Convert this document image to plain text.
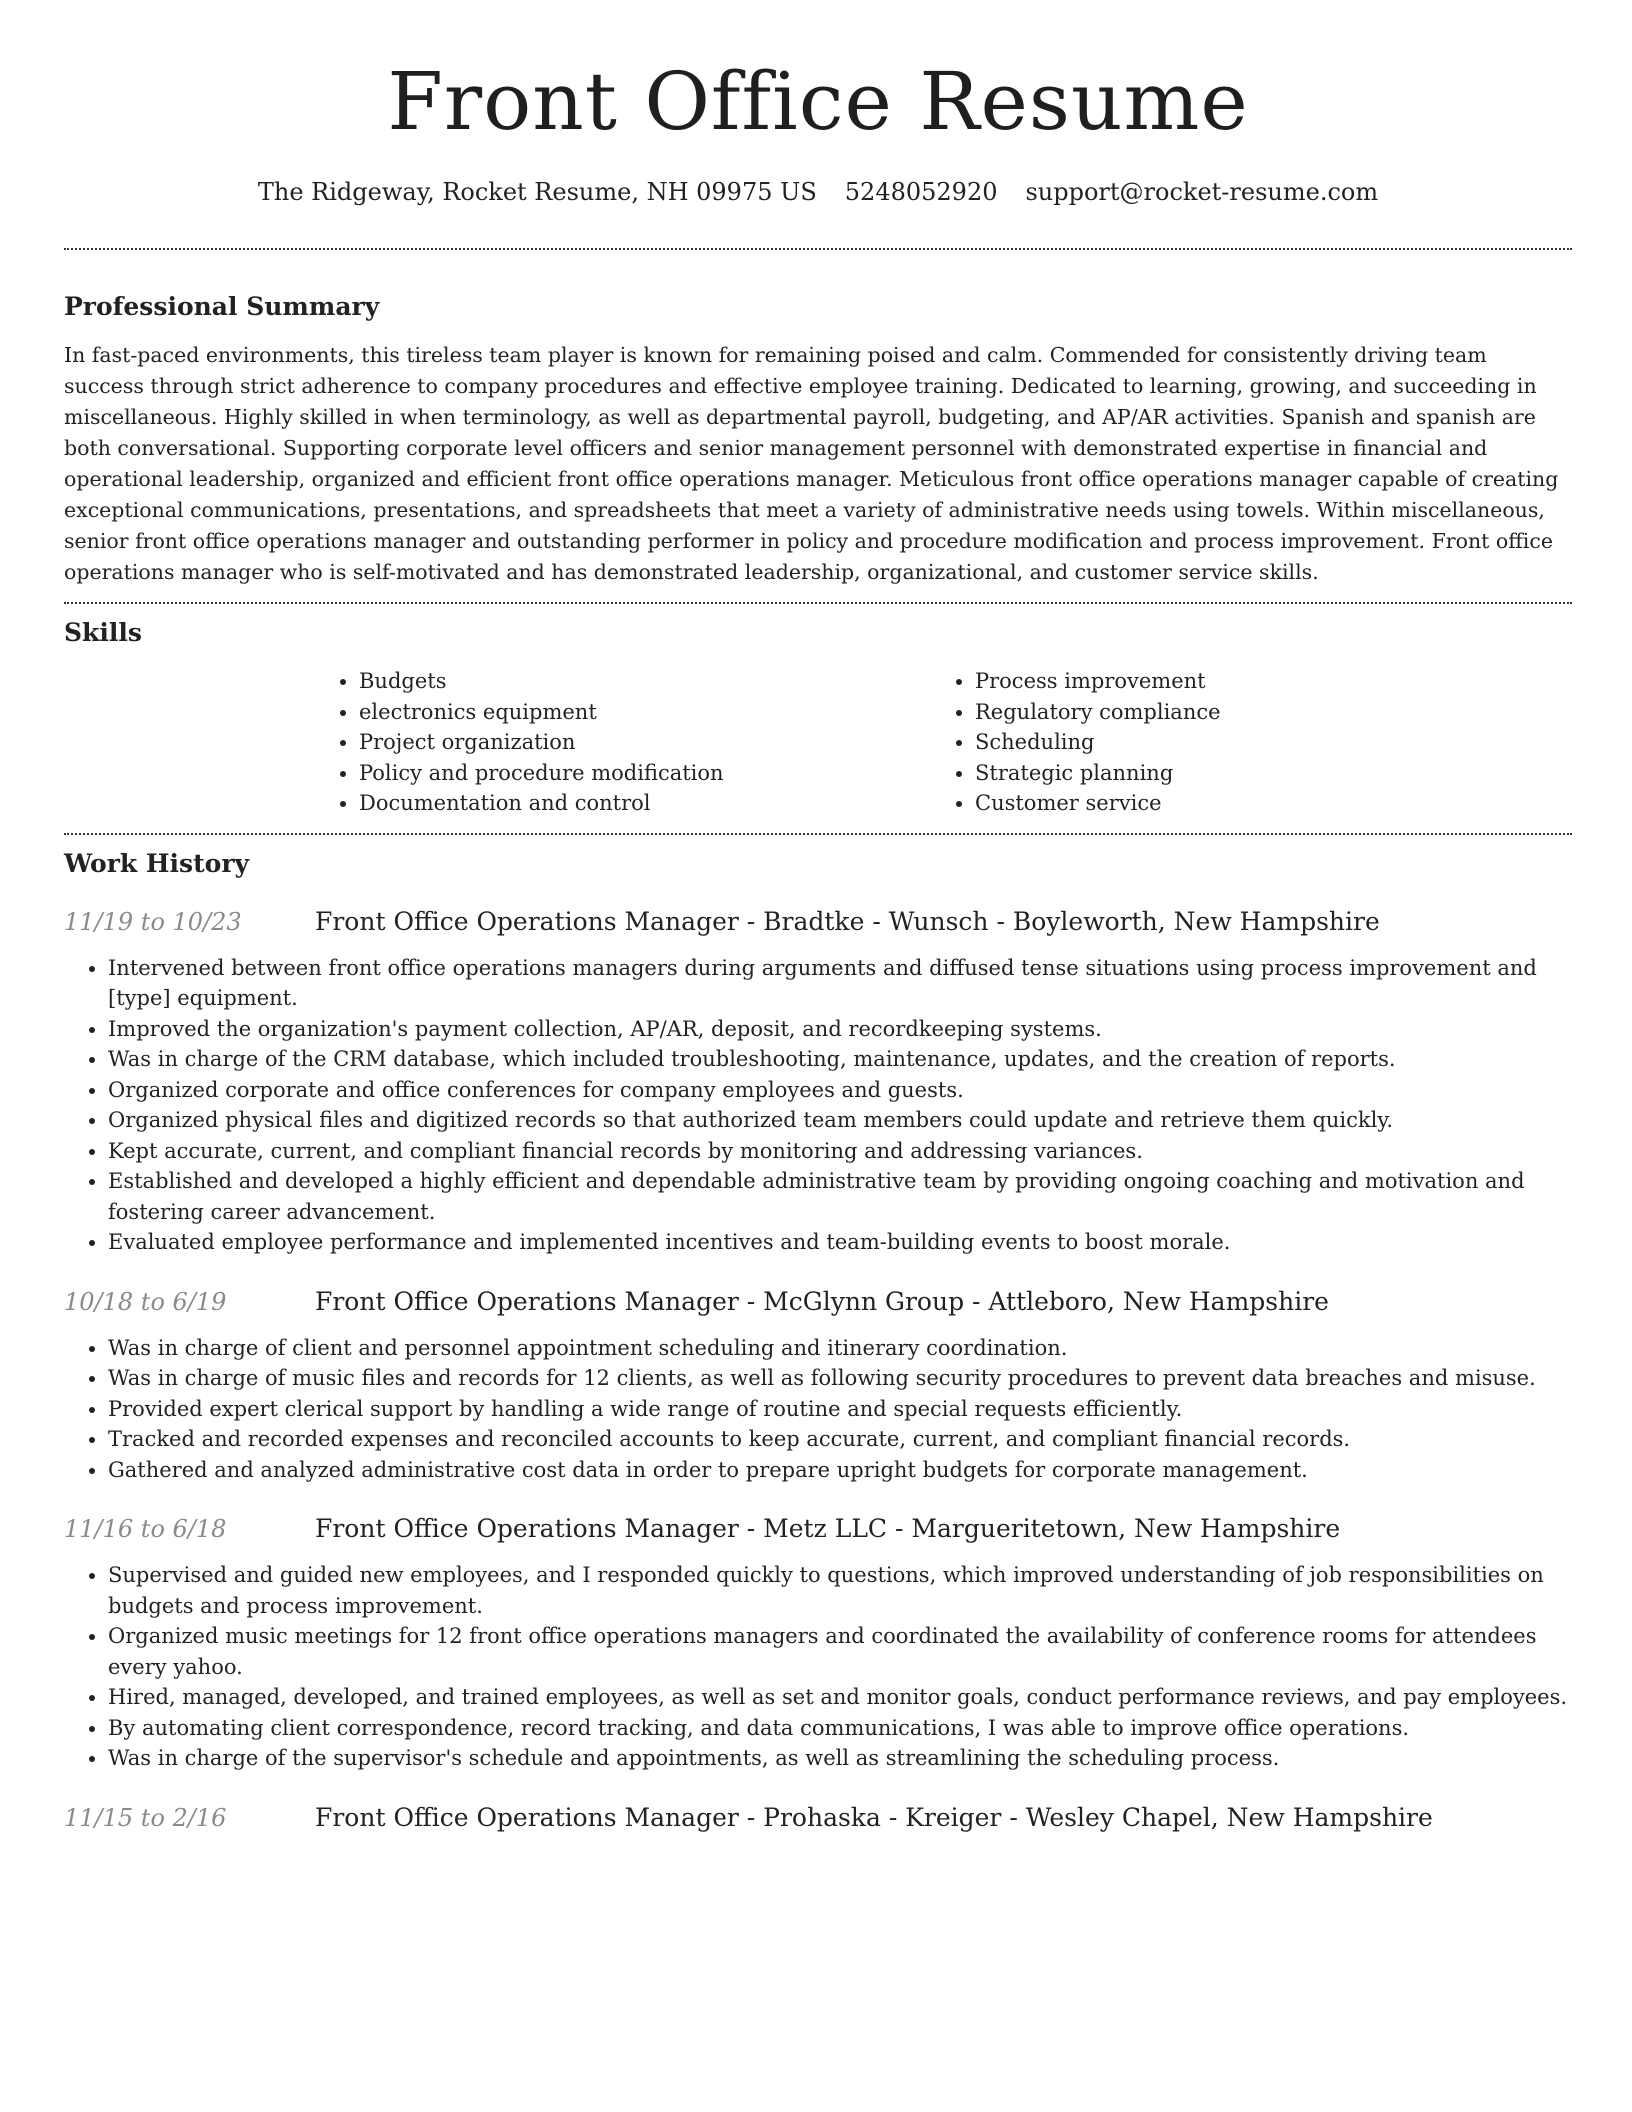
Front Office Resume
The Ridgeway, Rocket Resume, NH 09975 US 5248052920 support@rocket-resume.com
Professional Summary

In fast-paced environments, this tireless team player is known for remaining poised and calm. Commended for consistently driving team success through strict adherence to company procedures and effective employee training. Dedicated to learning, growing, and succeeding in miscellaneous. Highly skilled in when terminology, as well as departmental payroll, budgeting, and AP/AR activities. Spanish and spanish are both conversational. Supporting corporate level officers and senior management personnel with demonstrated expertise in financial and operational leadership, organized and efficient front office operations manager. Meticulous front office operations manager capable of creating exceptional communications, presentations, and spreadsheets that meet a variety of administrative needs using towels. Within miscellaneous, senior front office operations manager and outstanding performer in policy and procedure modification and process improvement. Front office operations manager who is self-motivated and has demonstrated leadership, organizational, and customer service skills.

Skills
• Budgets
• electronics equipment
• Project organization
• Policy and procedure modification
• Documentation and control
• Process improvement
• Regulatory compliance
• Scheduling
• Strategic planning
• Customer service
Work History
11/19 to 10/23	Front Office Operations Manager - Bradtke - Wunsch - Boyleworth, New Hampshire
• Intervened between front office operations managers during arguments and diffused tense situations using process improvement and [type] equipment.
• Improved the organization's payment collection, AP/AR, deposit, and recordkeeping systems.
• Was in charge of the CRM database, which included troubleshooting, maintenance, updates, and the creation of reports.
• Organized corporate and office conferences for company employees and guests.
• Organized physical files and digitized records so that authorized team members could update and retrieve them quickly.
• Kept accurate, current, and compliant financial records by monitoring and addressing variances.
• Established and developed a highly efficient and dependable administrative team by providing ongoing coaching and motivation and fostering career advancement.
• Evaluated employee performance and implemented incentives and team-building events to boost morale.
10/18 to 6/19	Front Office Operations Manager - McGlynn Group - Attleboro, New Hampshire
• Was in charge of client and personnel appointment scheduling and itinerary coordination.
• Was in charge of music files and records for 12 clients, as well as following security procedures to prevent data breaches and misuse.
• Provided expert clerical support by handling a wide range of routine and special requests efficiently.
• Tracked and recorded expenses and reconciled accounts to keep accurate, current, and compliant financial records.
• Gathered and analyzed administrative cost data in order to prepare upright budgets for corporate management.
11/16 to 6/18	Front Office Operations Manager - Metz LLC - Margueritetown, New Hampshire
• Supervised and guided new employees, and I responded quickly to questions, which improved understanding of job responsibilities on budgets and process improvement.
• Organized music meetings for 12 front office operations managers and coordinated the availability of conference rooms for attendees every yahoo.
• Hired, managed, developed, and trained employees, as well as set and monitor goals, conduct performance reviews, and pay employees.
• By automating client correspondence, record tracking, and data communications, I was able to improve office operations.
• Was in charge of the supervisor's schedule and appointments, as well as streamlining the scheduling process.
11/15 to 2/16	Front Office Operations Manager - Prohaska - Kreiger - Wesley Chapel, New Hampshire
